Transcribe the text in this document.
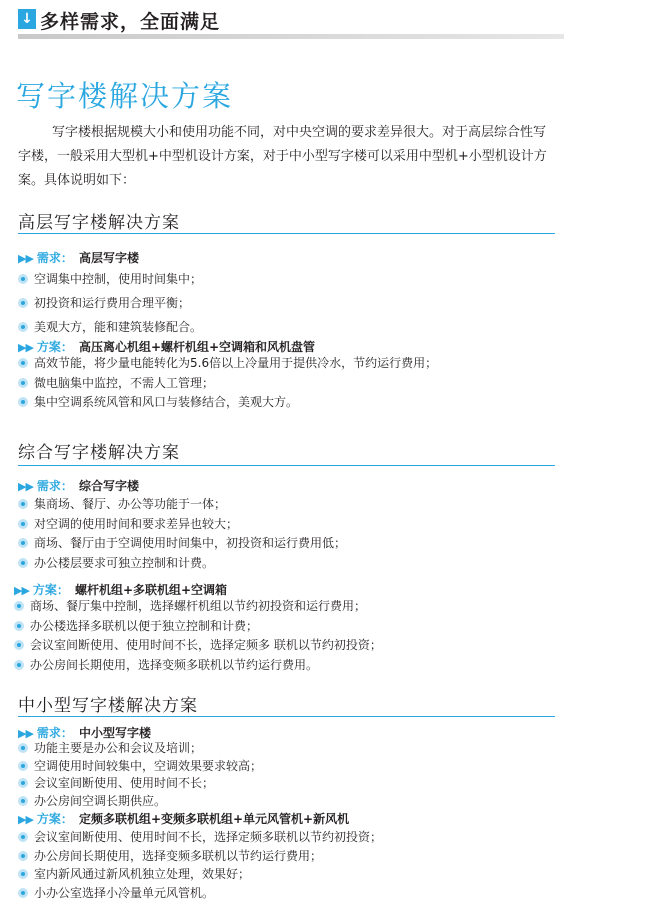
↓ 多样需求，全面满足
写字楼解决方案
写字楼根据规模大小和使用功能不同，对中央空调的要求差异很大。对于高层综合性写字楼，一般采用大型机+中型机设计方案，对于中小型写字楼可以采用中型机+小型机设计方案。具体说明如下：
高层写字楼解决方案
▶▶ 需求： 高层写字楼
空调集中控制，使用时间集中；
初投资和运行费用合理平衡；
美观大方，能和建筑装修配合。
▶▶ 方案： 高压离心机组+螺杆机组+空调箱和风机盘管
高效节能，将少量电能转化为5.6倍以上冷量用于提供冷水，节约运行费用；
微电脑集中监控，不需人工管理；
集中空调系统风管和风口与装修结合，美观大方。
综合写字楼解决方案
▶▶ 需求： 综合写字楼
集商场、餐厅、办公等功能于一体；
对空调的使用时间和要求差异也较大；
商场、餐厅由于空调使用时间集中，初投资和运行费用低；
办公楼层要求可独立控制和计费。
▶▶ 方案： 螺杆机组+多联机组+空调箱
商场、餐厅集中控制，选择螺杆机组以节约初投资和运行费用；
办公楼选择多联机以便于独立控制和计费；
会议室间断使用、使用时间不长，选择定频多 联机以节约初投资；
办公房间长期使用，选择变频多联机以节约运行费用。
中小型写字楼解决方案
▶▶ 需求： 中小型写字楼
功能主要是办公和会议及培训；
空调使用时间较集中，空调效果要求较高；
会议室间断使用、使用时间不长；
办公房间空调长期供应。
▶▶ 方案： 定频多联机组+变频多联机组+单元风管机+新风机
会议室间断使用、使用时间不长，选择定频多联机以节约初投资；
办公房间长期使用，选择变频多联机以节约运行费用；
室内新风通过新风机独立处理，效果好；
小办公室选择小冷量单元风管机。
